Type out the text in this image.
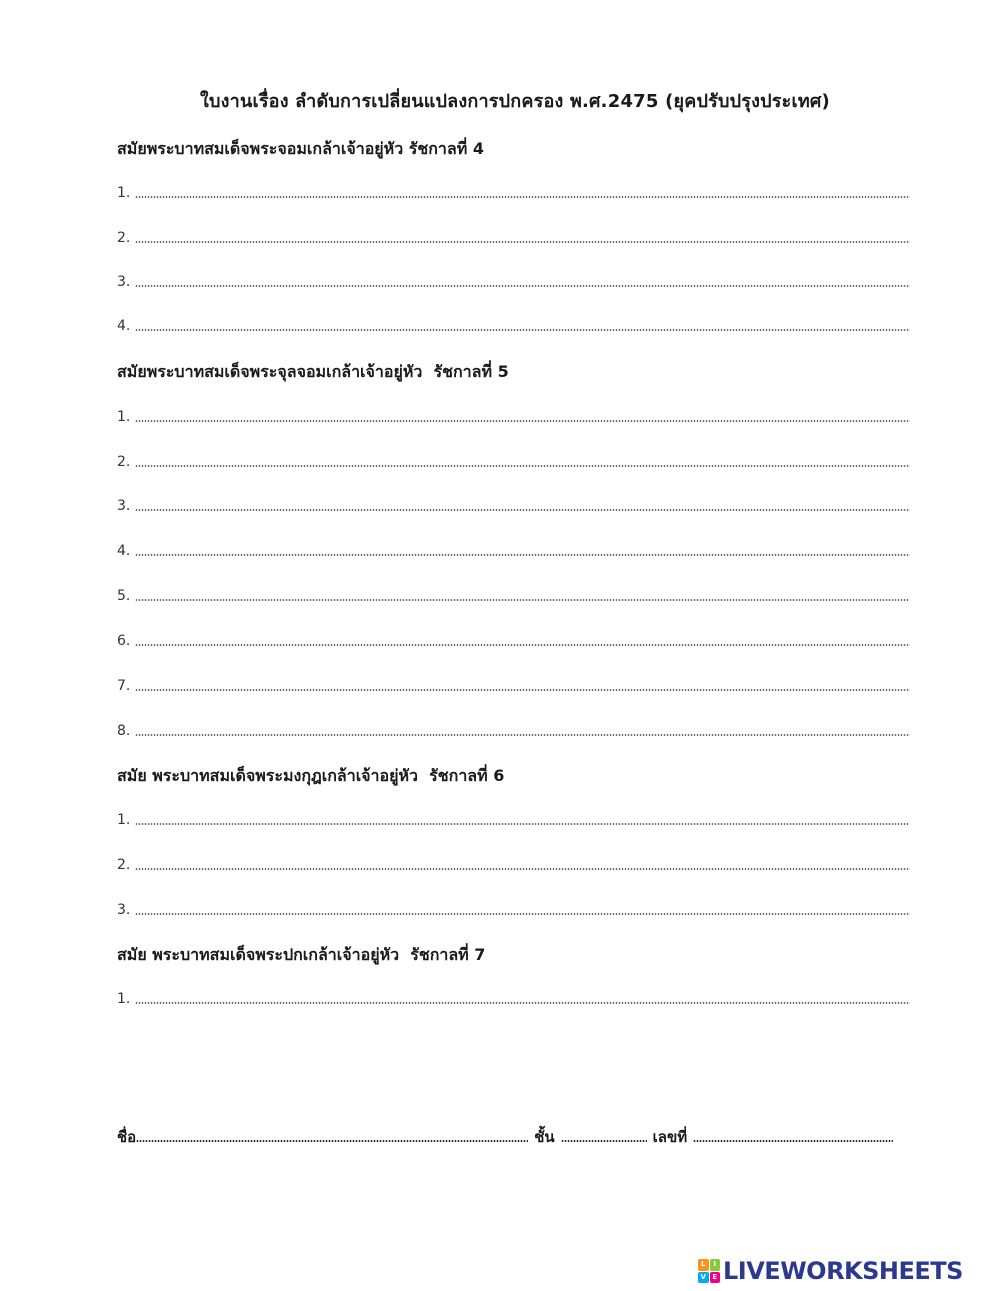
ใบงานเรื่อง ลำดับการเปลี่ยนแปลงการปกครอง พ.ศ.2475 (ยุคปรับปรุงประเทศ)
สมัยพระบาทสมเด็จพระจอมเกล้าเจ้าอยู่หัว รัชกาลที่ 4
1.
2.
3.
4.
สมัยพระบาทสมเด็จพระจุลจอมเกล้าเจ้าอยู่หัว  รัชกาลที่ 5
1.
2.
3.
4.
5.
6.
7.
8.
สมัย พระบาทสมเด็จพระมงกุฎเกล้าเจ้าอยู่หัว  รัชกาลที่ 6
1.
2.
3.
สมัย พระบาทสมเด็จพระปกเกล้าเจ้าอยู่หัว  รัชกาลที่ 7
1.
ชื่อ	ชั้น	เลขที่
L	I
V E LIVEWORKSHEETS
